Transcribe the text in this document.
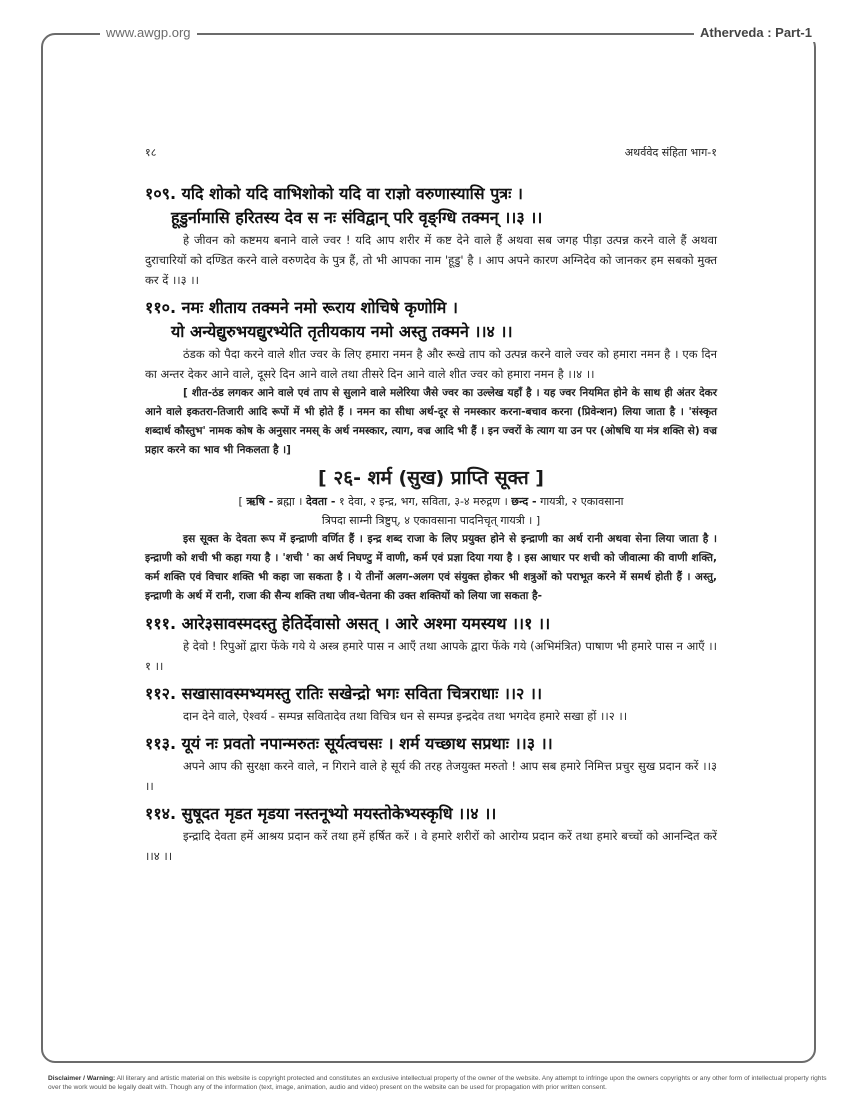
www.awgp.org	Atherveda : Part-1
१८	अथर्ववेद संहिता भाग-१
१०९. यदि शोको यदि वाभिशोको यदि वा राज्ञो वरुणास्यासि पुत्रः ।
हूडुर्नामासि हरितस्य देव स नः संविद्वान् परि वृङ्ग्धि तक्मन् ।।३ ।।
हे जीवन को कष्टमय बनाने वाले ज्वर ! यदि आप शरीर में कष्ट देने वाले हैं अथवा सब जगह पीड़ा उत्पन्न करने वाले हैं अथवा दुराचारियों को दण्डित करने वाले वरुणदेव के पुत्र हैं, तो भी आपका नाम 'हूडु' है । आप अपने कारण अग्निदेव को जानकर हम सबको मुक्त कर दें ।।३ ।।
११०. नमः शीताय तक्मने नमो रूराय शोचिषे कृणोमि ।
यो अन्येद्युरुभयद्युरभ्येति तृतीयकाय नमो अस्तु तक्मने ।।४ ।।
ठंडक को पैदा करने वाले शीत ज्वर के लिए हमारा नमन है और रूखे ताप को उत्पन्न करने वाले ज्वर को हमारा नमन है । एक दिन का अन्तर देकर आने वाले, दूसरे दिन आने वाले तथा तीसरे दिन आने वाले शीत ज्वर को हमारा नमन है ।।४ ।।
[ शीत-ठंड लगकर आने वाले एवं ताप से सुलाने वाले मलेरिया जैसे ज्वर का उल्लेख यहाँ है । यह ज्वर नियमित होने के साथ ही अंतर देकर आने वाले इकतरा-तिजारी आदि रूपों में भी होते हैं । नमन का सीधा अर्थ-दूर से नमस्कार करना-बचाव करना (प्रिवेन्शन) लिया जाता है । 'संस्कृत शब्दार्थ कौस्तुभ' नामक कोष के अनुसार नमस् के अर्थ नमस्कार, त्याग, वज्र आदि भी हैं । इन ज्वरों के त्याग या उन पर (ओषधि या मंत्र शक्ति से) वज्र प्रहार करने का भाव भी निकलता है ।]
[ २६- शर्म (सुख) प्राप्ति सूक्त ]
[ ऋषि - ब्रह्मा । देवता - १ देवा, २ इन्द्र, भग, सविता, ३-४ मरुद्गण । छन्द - गायत्री, २ एकावसाना
त्रिपदा साम्नी त्रिष्टुप्, ४ एकावसाना पादनिचृत् गायत्री । ]
इस सूक्त के देवता रूप में इन्द्राणी वर्णित हैं । इन्द्र शब्द राजा के लिए प्रयुक्त होने से इन्द्राणी का अर्थ रानी अथवा सेना लिया जाता है । इन्द्राणी को शची भी कहा गया है । 'शची ' का अर्थ निघण्टु में वाणी, कर्म एवं प्रज्ञा दिया गया है । इस आधार पर शची को जीवात्मा की वाणी शक्ति, कर्म शक्ति एवं विचार शक्ति भी कहा जा सकता है । ये तीनों अलग-अलग एवं संयुक्त होकर भी शत्रुओं को पराभूत करने में समर्थ होती हैं । अस्तु, इन्द्राणी के अर्थ में रानी, राजा की सैन्य शक्ति तथा जीव-चेतना की उक्त शक्तियों को लिया जा सकता है-
१११. आरे३सावस्मदस्तु हेतिर्देवासो असत् । आरे अश्मा यमस्यथ ।।१ ।।
हे देवो ! रिपुओं द्वारा फेंके गये ये अस्त्र हमारे पास न आएँ तथा आपके द्वारा फेंके गये (अभिमंत्रित) पाषाण भी हमारे पास न आएँ ।।१ ।।
११२. सखासावस्मभ्यमस्तु रातिः सखेन्द्रो भगः सविता चित्रराधाः ।।२ ।।
दान देने वाले, ऐश्वर्य - सम्पन्न सवितादेव तथा विचित्र धन से सम्पन्न इन्द्रदेव तथा भगदेव हमारे सखा हों ।।२ ।।
११३. यूयं नः प्रवतो नपान्मरुतः सूर्यत्वचसः । शर्म यच्छाथ सप्रथाः ।।३ ।।
अपने आप की सुरक्षा करने वाले, न गिराने वाले हे सूर्य की तरह तेजयुक्त मरुतो ! आप सब हमारे निमित्त प्रचुर सुख प्रदान करें ।।३ ।।
११४. सुषूदत मृडत मृडया नस्तनूभ्यो मयस्तोकेभ्यस्कृधि ।।४ ।।
इन्द्रादि देवता हमें आश्रय प्रदान करें तथा हमें हर्षित करें । वे हमारे शरीरों को आरोग्य प्रदान करें तथा हमारे बच्चों को आनन्दित करें ।।४ ।।
Disclaimer / Warning: All literary and artistic material on this website is copyright protected and constitutes an exclusive intellectual property of the owner of the website. Any attempt to infringe upon the owners copyrights or any other form of intellectual property rights over the work would be legally dealt with. Though any of the information (text, image, animation, audio and video) present on the website can be used for propagation with prior written consent.
